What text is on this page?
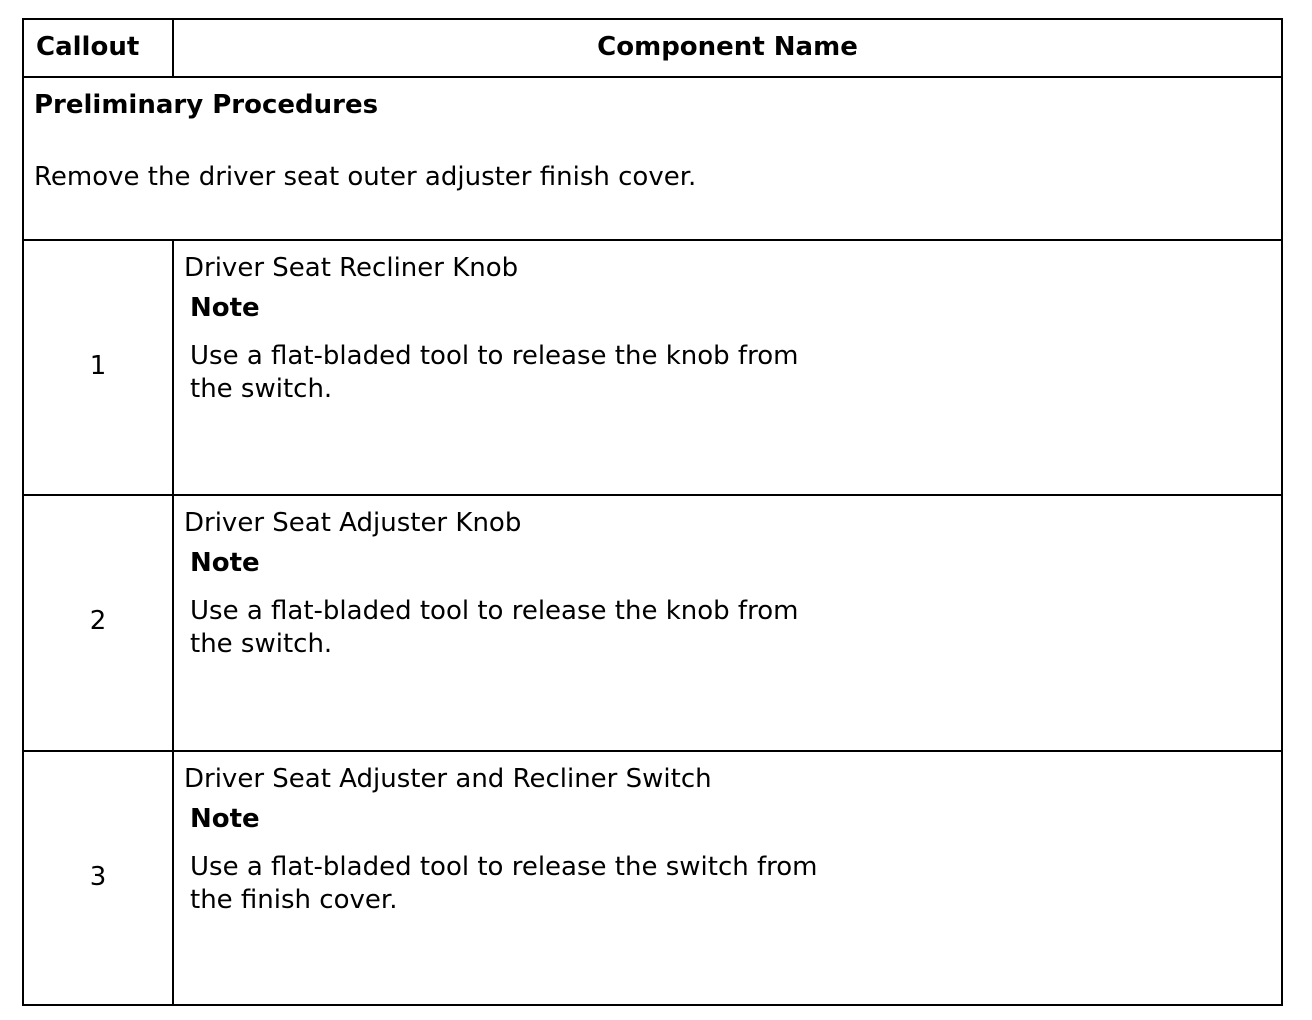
Callout	Component Name
Preliminary Procedures
Remove the driver seat outer adjuster finish cover.
1
Driver Seat Recliner Knob
Note
Use a flat-bladed tool to release the knob from the switch.
2
Driver Seat Adjuster Knob
Note
Use a flat-bladed tool to release the knob from the switch.
3
Driver Seat Adjuster and Recliner Switch
Note
Use a flat-bladed tool to release the switch from the finish cover.
